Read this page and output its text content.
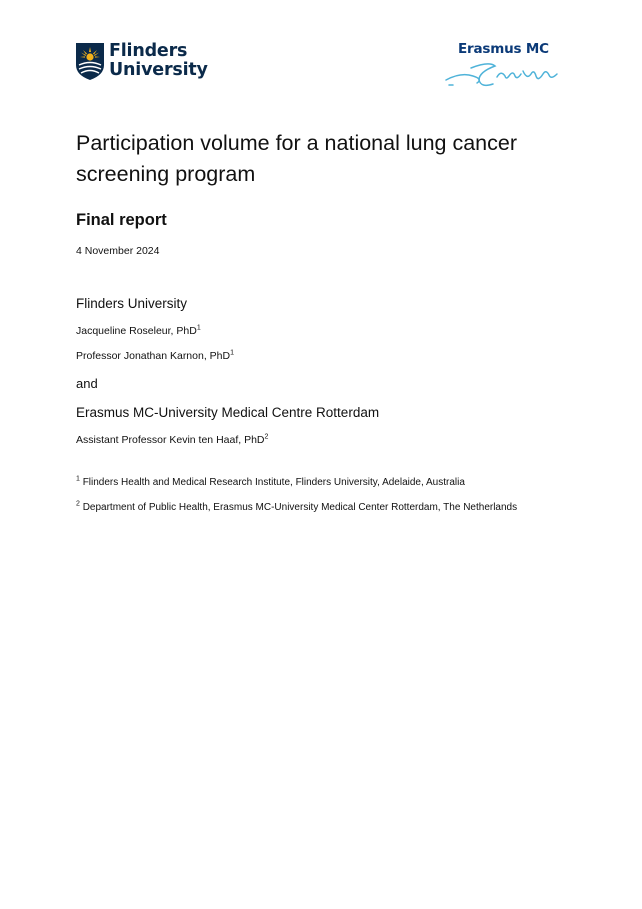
Flinders
University
Erasmus MC
Participation volume for a national lung cancer screening program
Final report
4 November 2024
Flinders University
Jacqueline Roseleur, PhD$^1$
Professor Jonathan Karnon, PhD$^1$
and
Erasmus MC-University Medical Centre Rotterdam
Assistant Professor Kevin ten Haaf, PhD$^2$
$^1$ Flinders Health and Medical Research Institute, Flinders University, Adelaide, Australia
$^2$ Department of Public Health, Erasmus MC-University Medical Center Rotterdam, The Netherlands
